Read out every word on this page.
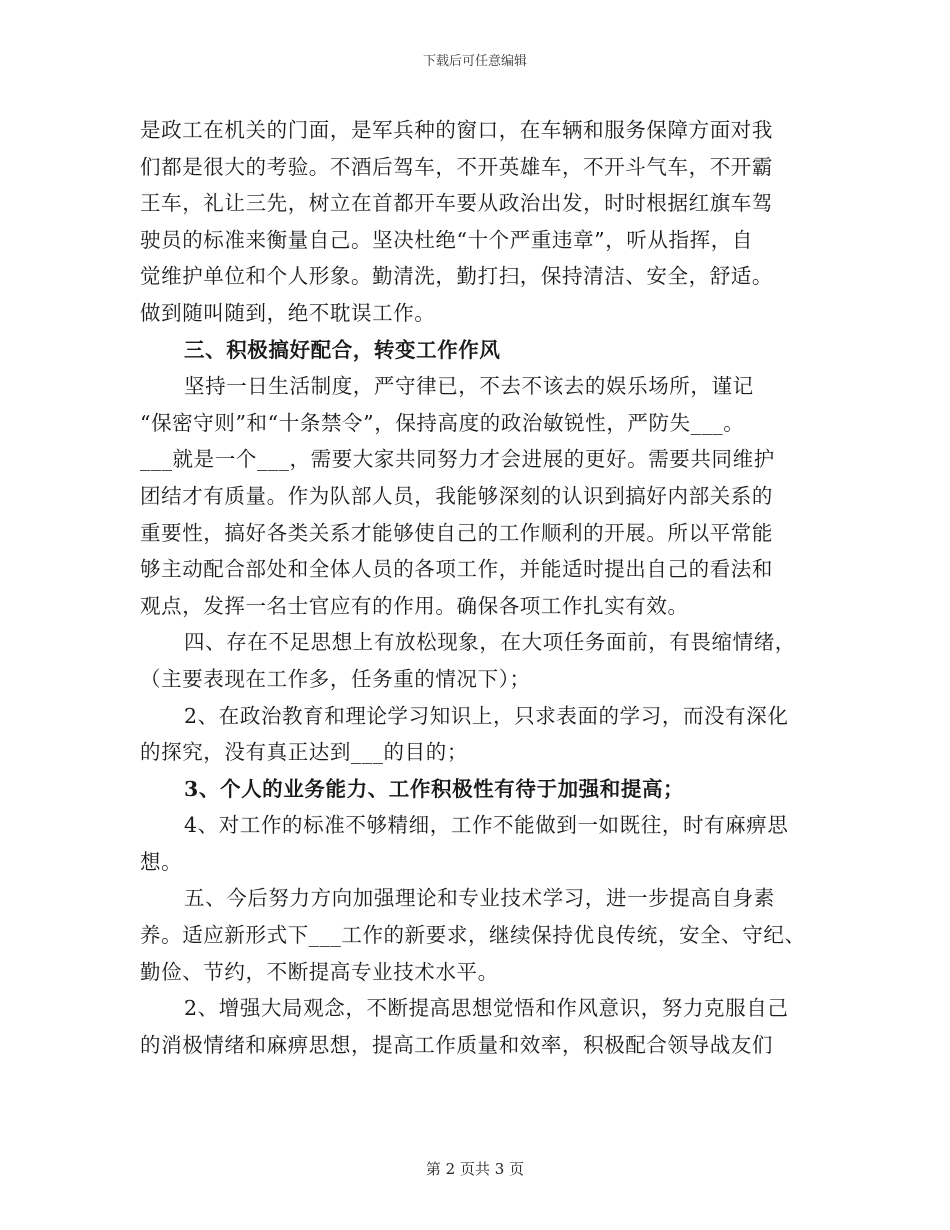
下载后可任意编辑

是政工在机关的门面，是军兵种的窗口，在车辆和服务保障方面对我
们都是很大的考验。不酒后驾车，不开英雄车，不开斗气车，不开霸
王车，礼让三先，树立在首都开车要从政治出发，时时根据红旗车驾
驶员的标准来衡量自己。坚决杜绝“十个严重违章”，听从指挥，自
觉维护单位和个人形象。勤清洗，勤打扫，保持清洁、安全，舒适。
做到随叫随到，绝不耽误工作。

三、积极搞好配合，转变工作作风

坚持一日生活制度，严守律已，不去不该去的娱乐场所，谨记
“保密守则”和“十条禁令”，保持高度的政治敏锐性，严防失___。
___就是一个___，需要大家共同努力才会进展的更好。需要共同维护
团结才有质量。作为队部人员，我能够深刻的认识到搞好内部关系的
重要性，搞好各类关系才能够使自己的工作顺利的开展。所以平常能
够主动配合部处和全体人员的各项工作，并能适时提出自己的看法和
观点，发挥一名士官应有的作用。确保各项工作扎实有效。

四、存在不足思想上有放松现象，在大项任务面前，有畏缩情绪，
（主要表现在工作多，任务重的情况下）；

2、在政治教育和理论学习知识上，只求表面的学习，而没有深化
的探究，没有真正达到___的目的；

3、个人的业务能力、工作积极性有待于加强和提高；

4、对工作的标准不够精细，工作不能做到一如既往，时有麻痹思
想。

五、今后努力方向加强理论和专业技术学习，进一步提高自身素
养。适应新形式下___工作的新要求，继续保持优良传统，安全、守纪、
勤俭、节约，不断提高专业技术水平。

2、增强大局观念，不断提高思想觉悟和作风意识，努力克服自己
的消极情绪和麻痹思想，提高工作质量和效率，积极配合领导战友们

第 2 页共 3 页
